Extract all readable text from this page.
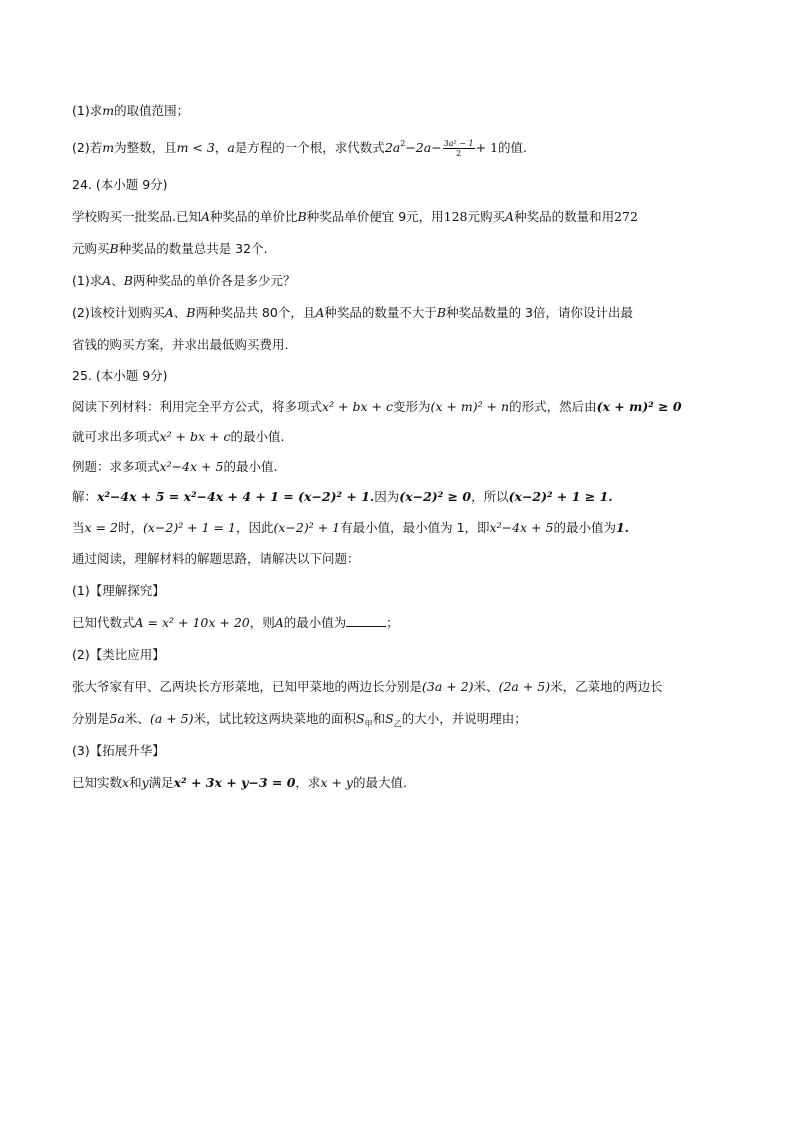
(1)求m的取值范围；
(2)若m为整数，且m < 3，a是方程的一个根，求代数式$2a^2-2a- \frac{\text{3a² − 1}}{2} + 1$的值.
24. (本小题 9分)
学校购买一批奖品.已知A种奖品的单价比B种奖品单价便宜 9元，用128元购买A种奖品的数量和用272
元购买B种奖品的数量总共是 32个.
(1)求A、B两种奖品的单价各是多少元？
(2)该校计划购买A、B两种奖品共 80个，且A种奖品的数量不大于B种奖品数量的 3倍，请你设计出最
省钱的购买方案，并求出最低购买费用.
25. (本小题 9分)
阅读下列材料：利用完全平方公式，将多项式x² + bx + c变形为(x + m)² + n的形式，然后由(x + m)² ≥ 0
就可求出多项式x² + bx + c的最小值.
例题：求多项式x²−4x + 5的最小值.
解：x²−4x + 5 = x²−4x + 4 + 1 = (x−2)² + 1.因为(x−2)² ≥ 0，所以(x−2)² + 1 ≥ 1.
当x = 2时，(x−2)² + 1 = 1，因此(x−2)² + 1有最小值，最小值为 1，即x²−4x + 5的最小值为1.
通过阅读，理解材料的解题思路，请解决以下问题：
(1)【理解探究】
已知代数式A = x² + 10x + 20，则A的最小值为	；
(2)【类比应用】
张大爷家有甲、乙两块长方形菜地，已知甲菜地的两边长分别是(3a + 2)米、(2a + 5)米，乙菜地的两边长
分别是5a米、(a + 5)米，试比较这两块菜地的面积$S_甲$和$S_乙$的大小，并说明理由；
(3)【拓展升华】
已知实数x和y满足x² + 3x + y−3 = 0，求x + y的最大值.
